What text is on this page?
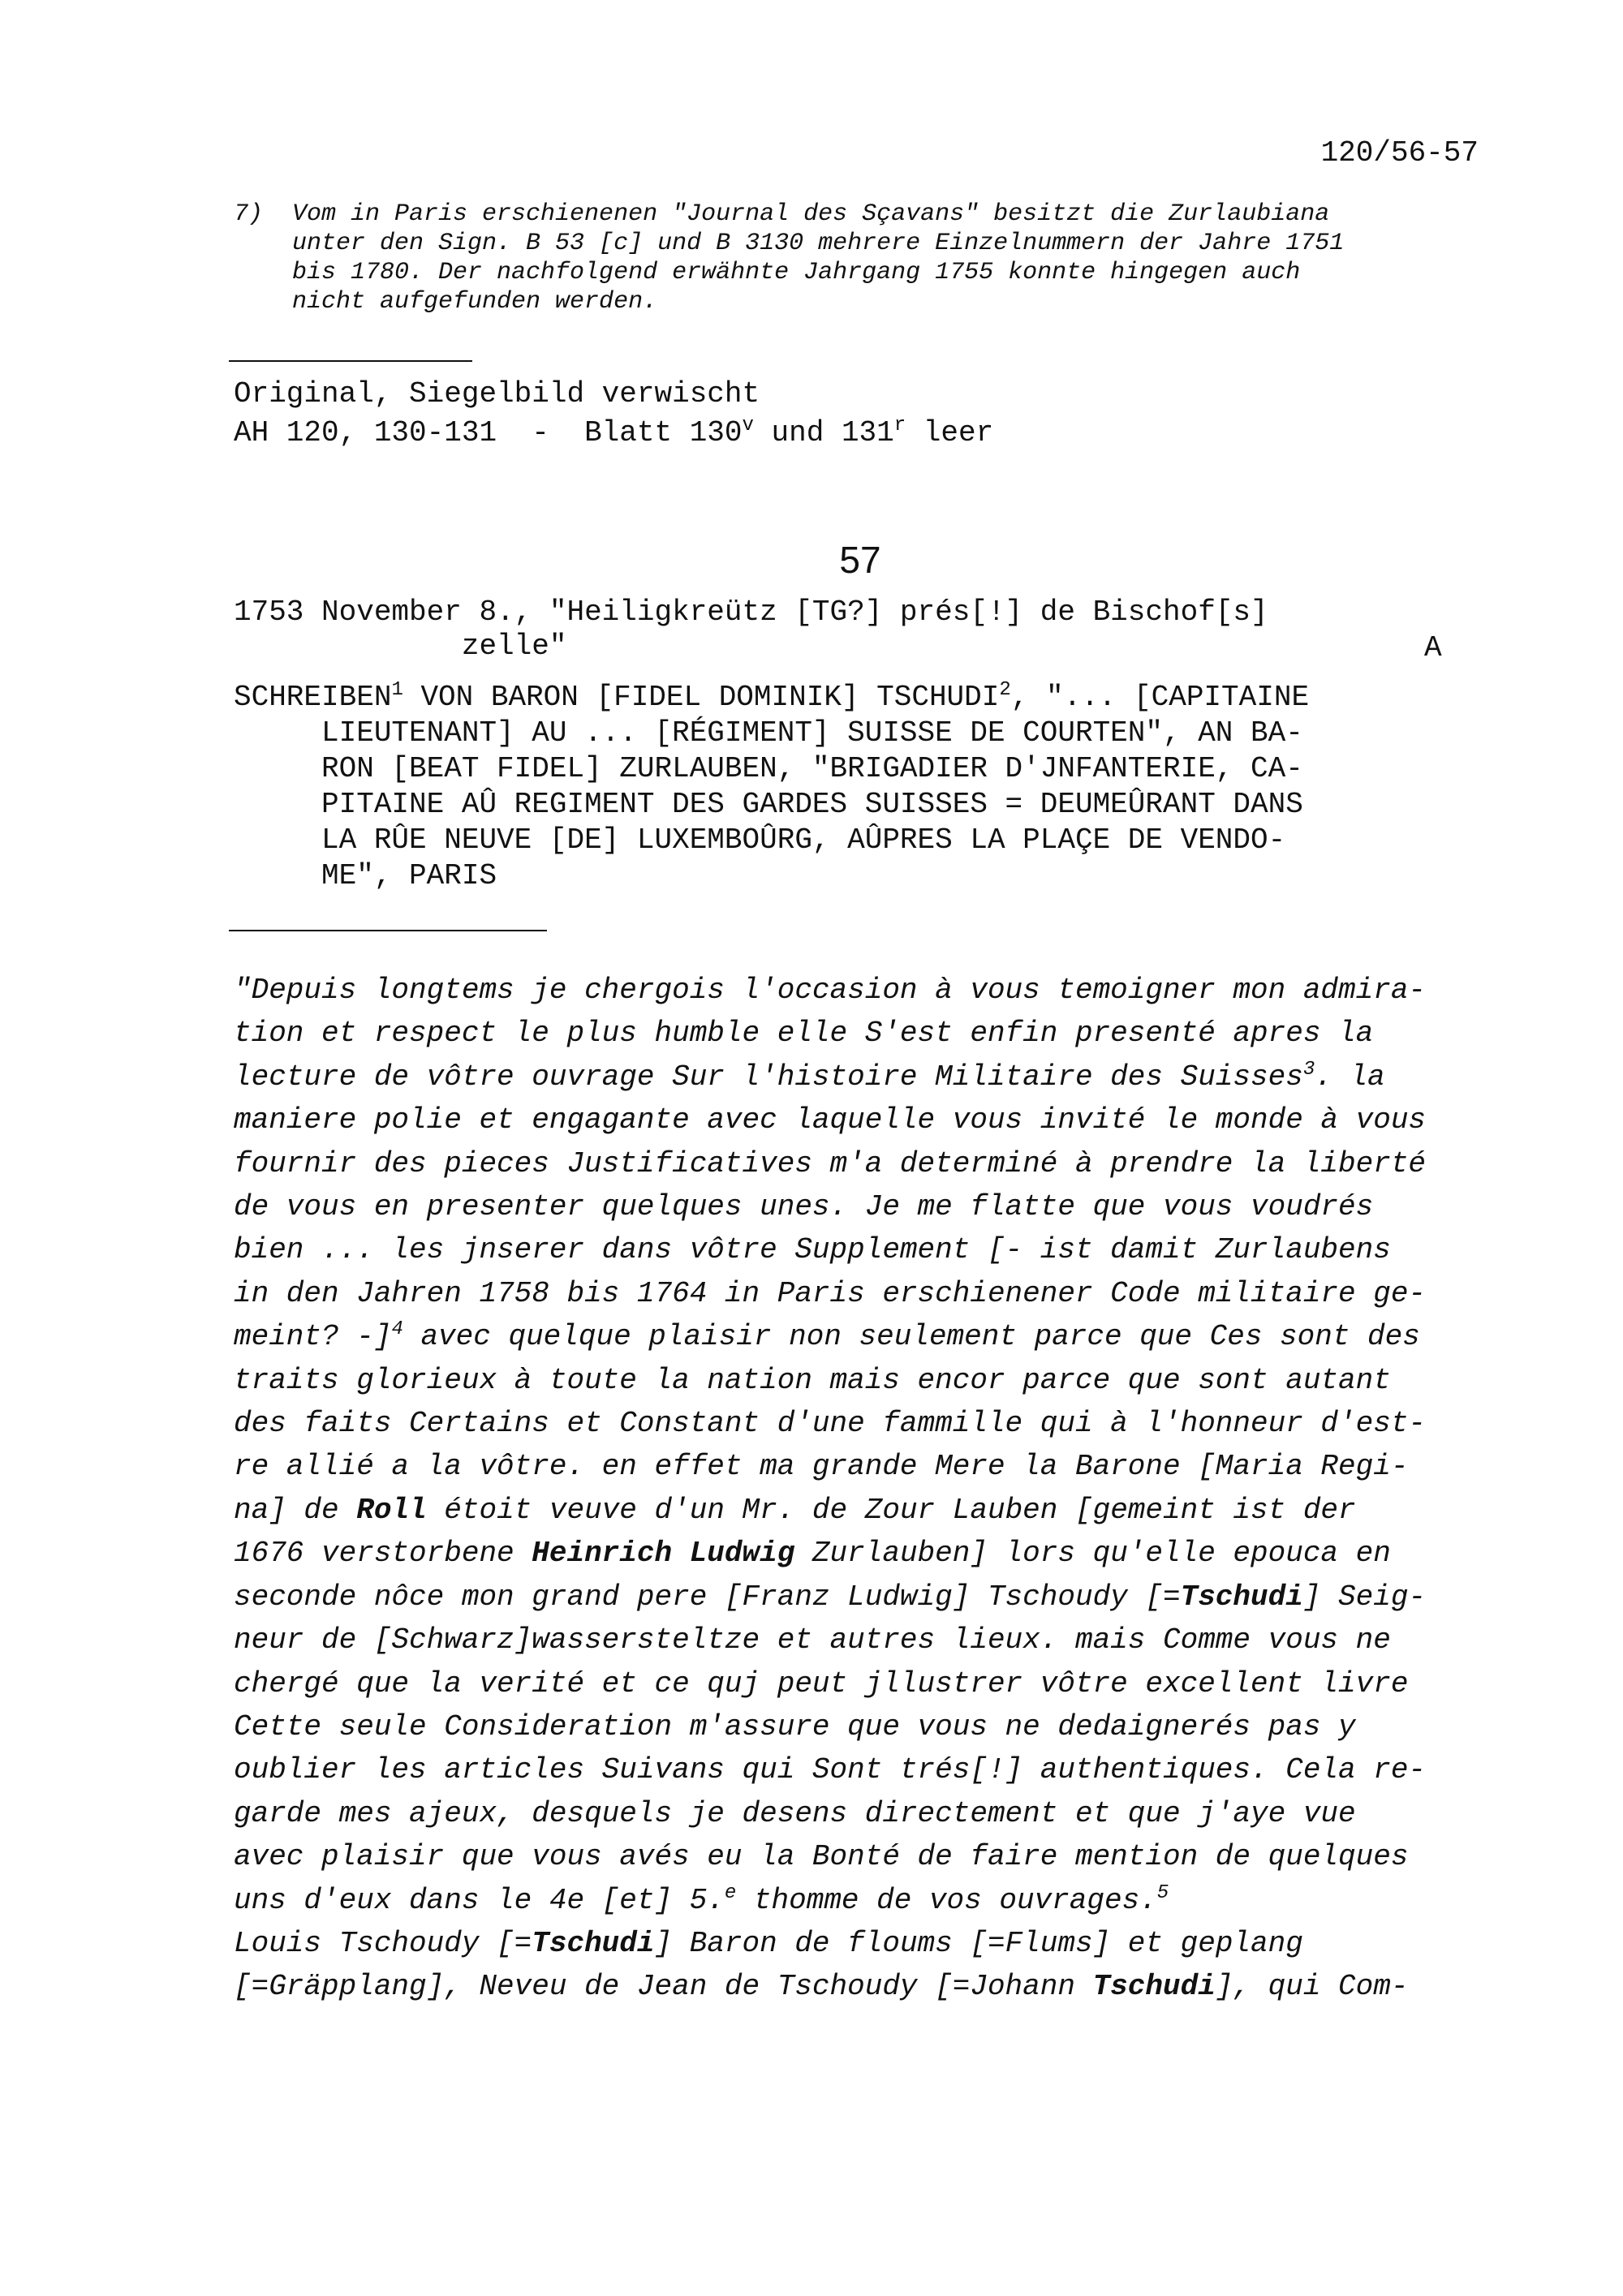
120/56-57
7) Vom in Paris erschienenen "Journal des Sçavans" besitzt die Zurlaubiana
unter den Sign. B 53 [c] und B 3130 mehrere Einzelnummern der Jahre 1751
bis 1780. Der nachfolgend erwähnte Jahrgang 1755 konnte hingegen auch
nicht aufgefunden werden.
Original, Siegelbild verwischt
AH 120, 130-131  -  Blatt 130$^v$ und 131$^r$ leer
57
1753 November 8., "Heiligkreütz [TG?] prés[!] de Bischof[s]
zelle"	A
SCHREIBEN$^1$ VON BARON [FIDEL DOMINIK] TSCHUDI$^2$, "... [CAPITAINE
LIEUTENANT] AU ... [RÉGIMENT] SUISSE DE COURTEN", AN BA-
RON [BEAT FIDEL] ZURLAUBEN, "BRIGADIER D'JNFANTERIE, CA-
PITAINE AÛ REGIMENT DES GARDES SUISSES = DEUMEÛRANT DANS
LA RÛE NEUVE [DE] LUXEMBOÛRG, AÛPRES LA PLAÇE DE VENDO-
ME", PARIS
"Depuis longtems je chergois l'occasion à vous temoigner mon admira-
tion et respect le plus humble elle S'est enfin presenté apres la
lecture de vôtre ouvrage Sur l'histoire Militaire des Suisses$^3$. la
maniere polie et engagante avec laquelle vous invité le monde à vous
fournir des pieces Justificatives m'a determiné à prendre la liberté
de vous en presenter quelques unes. Je me flatte que vous voudrés
bien ... les jnserer dans vôtre Supplement [- ist damit Zurlaubens
in den Jahren 1758 bis 1764 in Paris erschienener Code militaire ge-
meint? -]$^4$ avec quelque plaisir non seulement parce que Ces sont des
traits glorieux à toute la nation mais encor parce que sont autant
des faits Certains et Constant d'une fammille qui à l'honneur d'est-
re allié a la vôtre. en effet ma grande Mere la Barone [Maria Regi-
na] de Roll étoit veuve d'un Mr. de Zour Lauben [gemeint ist der
1676 verstorbene Heinrich Ludwig Zurlauben] lors qu'elle epouca en
seconde nôce mon grand pere [Franz Ludwig] Tschoudy [=Tschudi] Seig-
neur de [Schwarz]wassersteltze et autres lieux. mais Comme vous ne
chergé que la verité et ce quj peut jllustrer vôtre excellent livre
Cette seule Consideration m'assure que vous ne dedaignerés pas y
oublier les articles Suivans qui Sont trés[!] authentiques. Cela re-
garde mes ajeux, desquels je desens directement et que j'aye vue
avec plaisir que vous avés eu la Bonté de faire mention de quelques
uns d'eux dans le 4e [et] 5.$^e$ thomme de vos ouvrages.$^5$
Louis Tschoudy [=Tschudi] Baron de floums [=Flums] et geplang
[=Gräpplang], Neveu de Jean de Tschoudy [=Johann Tschudi], qui Com-
